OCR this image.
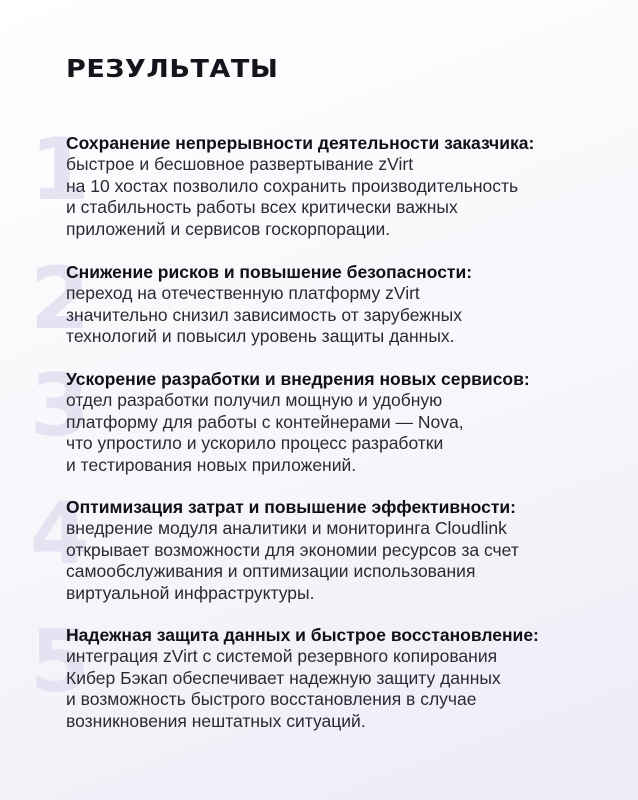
РЕЗУЛЬТАТЫ
1
Сохранение непрерывности деятельности заказчика:
быстрое и бесшовное развертывание zVirt
на 10 хостах позволило сохранить производительность
и стабильность работы всех критически важных
приложений и сервисов госкорпорации.
2
Снижение рисков и повышение безопасности:
переход на отечественную платформу zVirt
значительно снизил зависимость от зарубежных
технологий и повысил уровень защиты данных.
3
Ускорение разработки и внедрения новых сервисов:
отдел разработки получил мощную и удобную
платформу для работы с контейнерами — Nova,
что упростило и ускорило процесс разработки
и тестирования новых приложений.
4
Оптимизация затрат и повышение эффективности:
внедрение модуля аналитики и мониторинга Cloudlink
открывает возможности для экономии ресурсов за счет
самообслуживания и оптимизации использования
виртуальной инфраструктуры.
5
Надежная защита данных и быстрое восстановление:
интеграция zVirt с системой резервного копирования
Кибер Бэкап обеспечивает надежную защиту данных
и возможность быстрого восстановления в случае
возникновения нештатных ситуаций.
